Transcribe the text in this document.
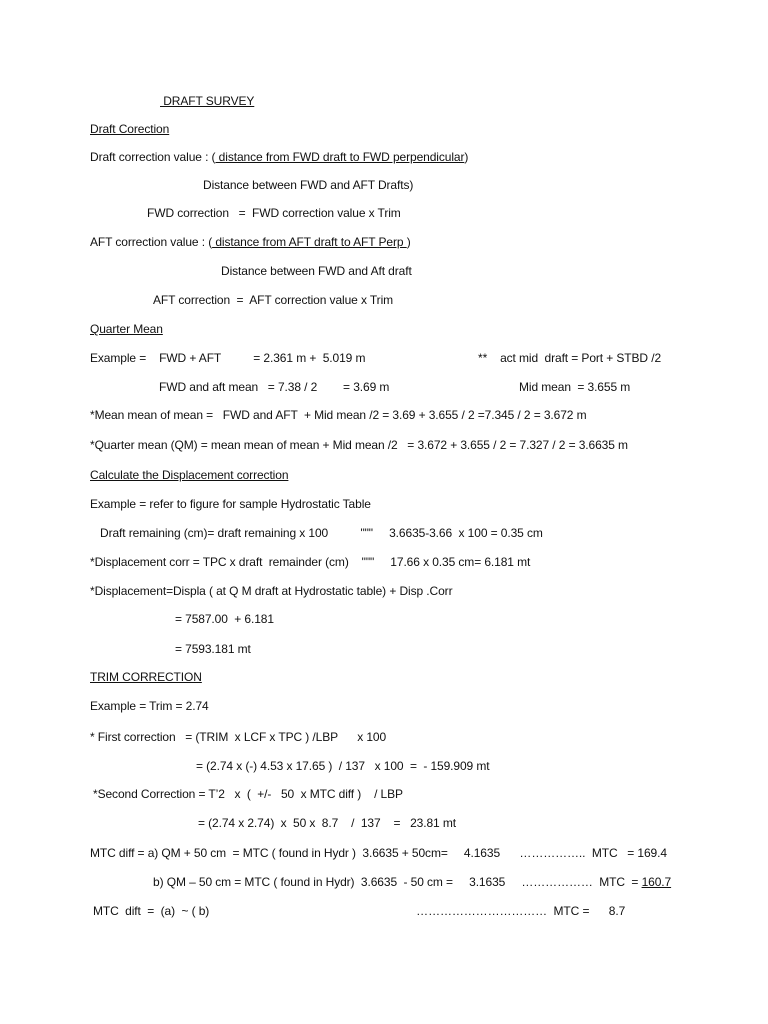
DRAFT SURVEY
Draft Corection
Draft correction value : ( distance from FWD draft to FWD perpendicular)
Distance between FWD and AFT Drafts)
FWD correction   =  FWD correction value x Trim
AFT correction value : ( distance from AFT draft to AFT Perp )
Distance between FWD and Aft draft
AFT correction  =  AFT correction value x Trim
Quarter Mean
Example =    FWD + AFT          = 2.361 m +  5.019 m	**    act mid  draft = Port + STBD /2
FWD and aft mean   = 7.38 / 2        = 3.69 m	Mid mean  = 3.655 m
*Mean mean of mean =   FWD and AFT  + Mid mean /2 = 3.69 + 3.655 / 2 =7.345 / 2 = 3.672 m
*Quarter mean (QM) = mean mean of mean + Mid mean /2   = 3.672 + 3.655 / 2 = 7.327 / 2 = 3.6635 m
Calculate the Displacement correction
Example = refer to figure for sample Hydrostatic Table
Draft remaining (cm)= draft remaining x 100          """     3.6635-3.66  x 100 = 0.35 cm
*Displacement corr = TPC x draft  remainder (cm)    """     17.66 x 0.35 cm= 6.181 mt
*Displacement=Displa ( at Q M draft at Hydrostatic table) + Disp .Corr
= 7587.00  + 6.181
= 7593.181 mt
TRIM CORRECTION
Example = Trim = 2.74
* First correction   = (TRIM  x LCF x TPC ) /LBP      x 100
= (2.74 x (-) 4.53 x 17.65 )  / 137   x 100  =  - 159.909 mt
*Second Correction = T’2   x  (  +/-   50  x MTC diff )    / LBP
= (2.74 x 2.74)  x  50 x  8.7    /  137    =   23.81 mt
MTC diff = a) QM + 50 cm  = MTC ( found in Hydr )  3.6635 + 50cm=     4.1635      ……………..  MTC   = 169.4
b) QM – 50 cm = MTC ( found in Hydr)  3.6635  - 50 cm =     3.1635     ………………  MTC  = 160.7
MTC  dift  =  (a)  ~ ( b)                                                                ……………………………  MTC =      8.7
